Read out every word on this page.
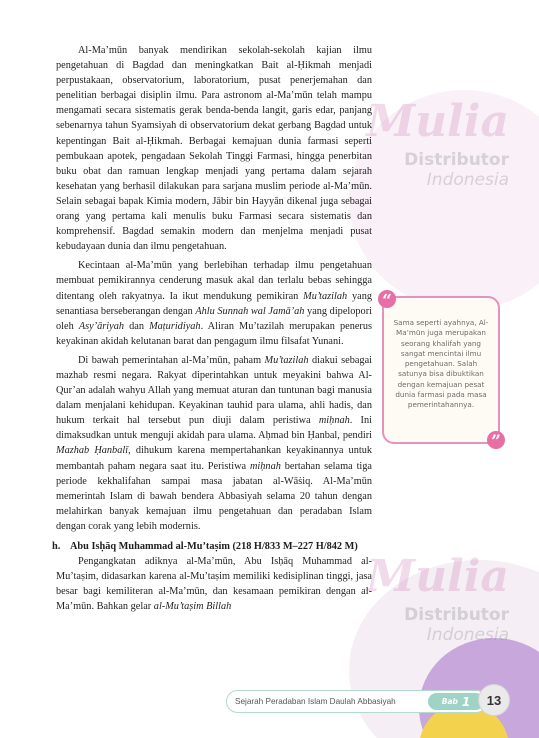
Mulia
Distributor
Indonesia
Mulia
Distributor
Indonesia

Al-Ma’mūn banyak mendirikan sekolah-sekolah kajian ilmu pengetahuan di Bagdad dan meningkatkan Bait al-Ḥikmah menjadi perpustakaan, observatorium, laboratorium, pusat penerjemahan dan penelitian berbagai disiplin ilmu. Para astronom al-Ma’mūn telah mampu mengamati secara sistematis gerak benda-benda langit, garis edar, panjang sebenarnya tahun Syamsiyah di observatorium dekat gerbang Bagdad untuk kepentingan Bait al-Ḥikmah. Berbagai kemajuan dunia farmasi seperti pembukaan apotek, pengadaan Sekolah Tinggi Farmasi, hingga penerbitan buku obat dan ramuan lengkap menjadi yang pertama dalam sejarah kesehatan yang berhasil dilakukan para sarjana muslim periode al-Ma’mūn. Selain sebagai bapak Kimia modern, Jābir bin Hayyān dikenal juga sebagai orang yang pertama kali menulis buku Farmasi secara sistematis dan komprehensif. Bagdad semakin modern dan menjelma menjadi pusat kebudayaan dunia dan ilmu pengetahuan.

Kecintaan al-Ma’mūn yang berlebihan terhadap ilmu pengetahuan membuat pemikirannya cenderung masuk akal dan terlalu bebas sehingga ditentang oleh rakyatnya. Ia ikut mendukung pemikiran Mu’tazilah yang senantiasa berseberangan dengan Ahlu Sunnah wal Jamā’ah yang dipelopori oleh Asy’āriyah dan Maṭuridiyah. Aliran Mu’tazilah merupakan penerus keyakinan akidah kelutanan barat dan pengagum ilmu filsafat Yunani.

Di bawah pemerintahan al-Ma’mūn, paham Mu’tazilah diakui sebagai mazhab resmi negara. Rakyat diperintahkan untuk meyakini bahwa Al-Qur’an adalah wahyu Allah yang memuat aturan dan tuntunan bagi manusia dalam menjalani kehidupan. Keyakinan tauhid para ulama, ahli hadis, dan hukum terkait hal tersebut pun diuji dalam peristiwa miḥnah. Ini dimaksudkan untuk menguji akidah para ulama. Aḥmad bin Ḥanbal, pendiri Mazhab Ḥanbalī, dihukum karena mempertahankan keyakinannya untuk membantah paham negara saat itu. Peristiwa miḥnah bertahan selama tiga periode kekhalifahan sampai masa jabatan al-Wāṡiq. Al-Ma’mūn memerintah Islam di bawah bendera Abbasiyah selama 20 tahun dengan melahirkan banyak kemajuan ilmu pengetahuan dan peradaban Islam dengan corak yang lebih modernis.

h. Abu Isḥāq Muhammad al-Mu’taṣim (218 H/833 M–227 H/842 M)

Pengangkatan adiknya al-Ma’mūn, Abu Isḥāq Muhammad al-Mu’taṣim, didasarkan karena al-Mu’taṣim memiliki kedisiplinan tinggi, jasa besar bagi kemiliteran al-Ma’mūn, dan kesamaan pemikiran dengan al-Ma’mūn. Bahkan gelar al-Mu’taṣim Billah

“
Sama seperti ayahnya, Al-Ma’mūn juga merupakan seorang khalifah yang sangat mencintai ilmu pengetahuan. Salah satunya bisa dibuktikan dengan kemajuan pesat dunia farmasi pada masa pemerintahannya.
”
Sejarah Peradaban Islam Daulah Abbasiyah	Bab 1 13
